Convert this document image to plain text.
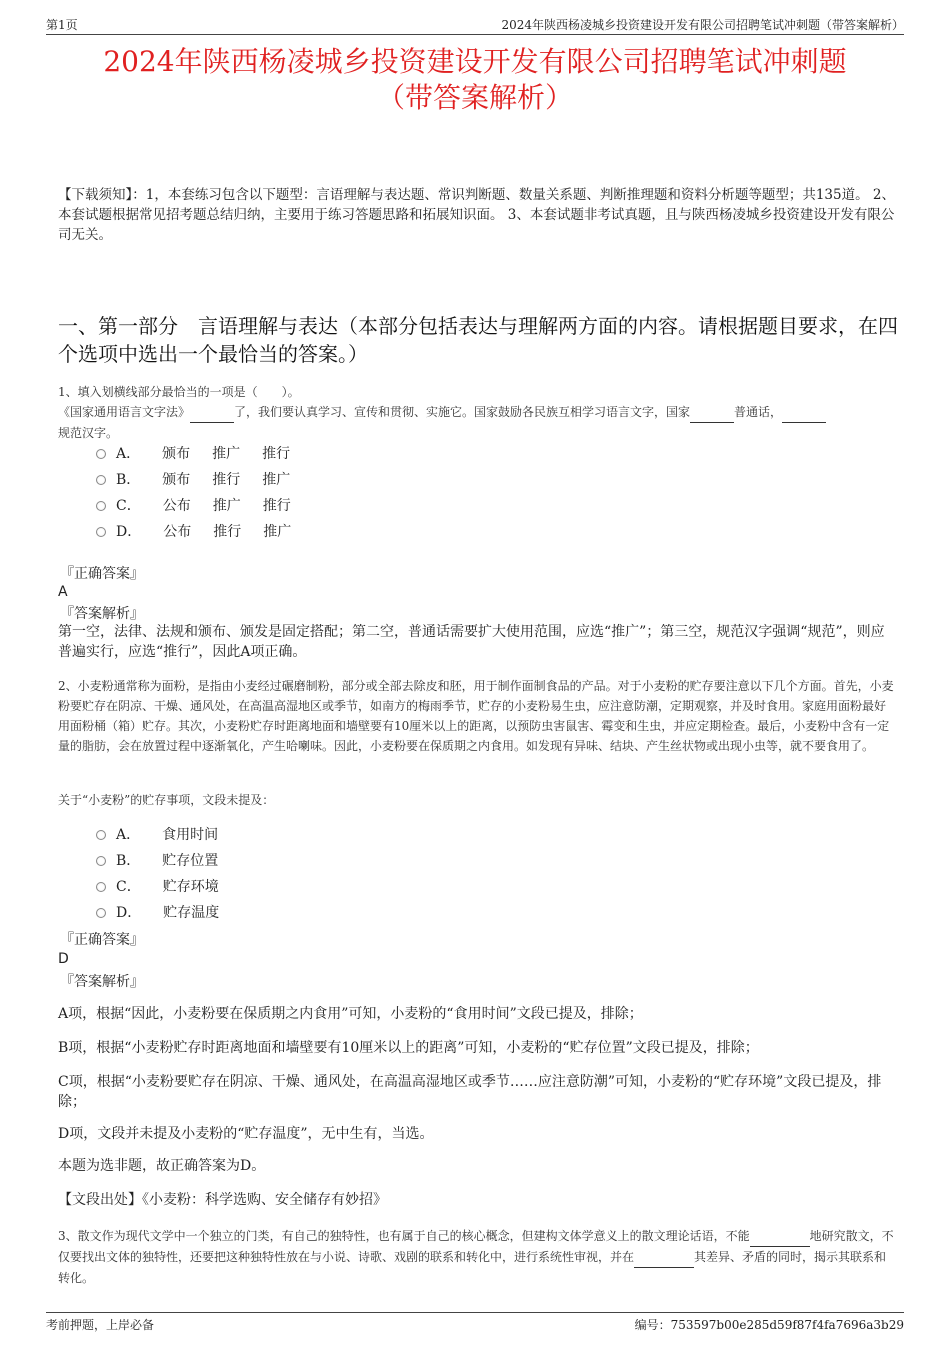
第1页	2024年陕西杨凌城乡投资建设开发有限公司招聘笔试冲刺题（带答案解析）
2024年陕西杨凌城乡投资建设开发有限公司招聘笔试冲刺题
（带答案解析）
【下载须知】：1，本套练习包含以下题型：言语理解与表达题、常识判断题、数量关系题、判断推理题和资料分析题等题型；共135道。 2、本套试题根据常见招考题总结归纳，主要用于练习答题思路和拓展知识面。 3、本套试题非考试真题，且与陕西杨凌城乡投资建设开发有限公司无关。
一、第一部分　言语理解与表达（本部分包括表达与理解两方面的内容。请根据题目要求，在四个选项中选出一个最恰当的答案。）
1、填入划横线部分最恰当的一项是（　　）。
《国家通用语言文字法》	了，我们要认真学习、宣传和贯彻、实施它。国家鼓励各民族互相学习语言文字，国家	普通话， 规范汉字。
A． 颁布 推广 推行
B． 颁布 推行 推广
C． 公布 推广 推行
D． 公布 推行 推广
『正确答案』
A
『答案解析』
第一空，法律、法规和颁布、颁发是固定搭配；第二空，普通话需要扩大使用范围，应选“推广”；第三空，规范汉字强调“规范”，则应普遍实行，应选“推行”，因此A项正确。
2、小麦粉通常称为面粉，是指由小麦经过碾磨制粉，部分或全部去除皮和胚，用于制作面制食品的产品。对于小麦粉的贮存要注意以下几个方面。首先，小麦粉要贮存在阴凉、干燥、通风处，在高温高湿地区或季节，如南方的梅雨季节，贮存的小麦粉易生虫，应注意防潮，定期观察，并及时食用。家庭用面粉最好用面粉桶（箱）贮存。其次，小麦粉贮存时距离地面和墙壁要有10厘米以上的距离，以预防虫害鼠害、霉变和生虫，并应定期检查。最后，小麦粉中含有一定量的脂肪，会在放置过程中逐渐氧化，产生哈喇味。因此，小麦粉要在保质期之内食用。如发现有异味、结块、产生丝状物或出现小虫等，就不要食用了。
关于“小麦粉”的贮存事项，文段未提及：
A． 食用时间
B． 贮存位置
C． 贮存环境
D． 贮存温度
『正确答案』
D
『答案解析』
A项，根据“因此，小麦粉要在保质期之内食用”可知，小麦粉的“食用时间”文段已提及，排除；
B项，根据“小麦粉贮存时距离地面和墙壁要有10厘米以上的距离”可知，小麦粉的“贮存位置”文段已提及，排除；
C项，根据“小麦粉要贮存在阴凉、干燥、通风处，在高温高湿地区或季节……应注意防潮”可知，小麦粉的“贮存环境”文段已提及，排除；
D项，文段并未提及小麦粉的“贮存温度”，无中生有，当选。
本题为选非题，故正确答案为D。
【文段出处】《小麦粉：科学选购、安全储存有妙招》
3、散文作为现代文学中一个独立的门类，有自己的独特性，也有属于自己的核心概念，但建构文体学意义上的散文理论话语，不能	地研究散文，不仅要找出文体的独特性，还要把这种独特性放在与小说、诗歌、戏剧的联系和转化中，进行系统性审视，并在	其差异、矛盾的同时，揭示其联系和转化。
考前押题，上岸必备	编号：753597b00e285d59f87f4fa7696a3b29
